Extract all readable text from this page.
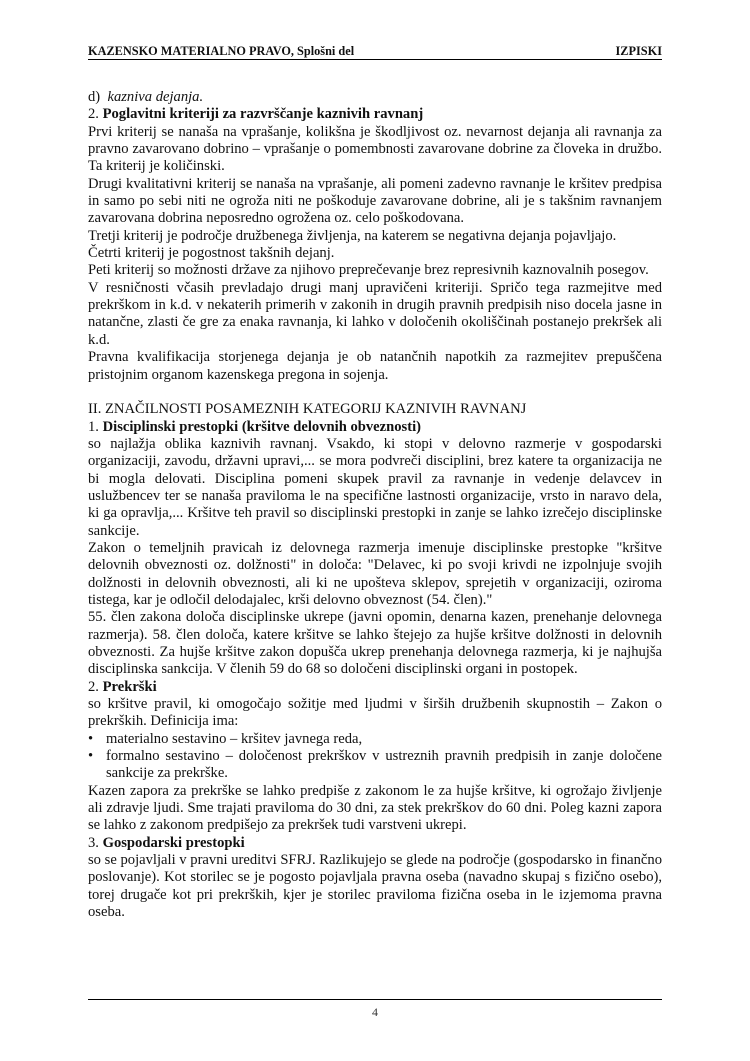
KAZENSKO MATERIALNO PRAVO, Splošni del	IZPISKI

d) kazniva dejanja.

2. Poglavitni kriteriji za razvrščanje kaznivih ravnanj

Prvi kriterij se nanaša na vprašanje, kolikšna je škodljivost oz. nevarnost dejanja ali ravnanja za pravno zavarovano dobrino – vprašanje o pomembnosti zavarovane dobrine za človeka in družbo. Ta kriterij je količinski.

Drugi kvalitativni kriterij se nanaša na vprašanje, ali pomeni zadevno ravnanje le kršitev predpisa in samo po sebi niti ne ogroža niti ne poškoduje zavarovane dobrine, ali je s takšnim ravnanjem zavarovana dobrina neposredno ogrožena oz. celo poškodovana.

Tretji kriterij je področje družbenega življenja, na katerem se negativna dejanja pojavljajo.

Četrti kriterij je pogostnost takšnih dejanj.

Peti kriterij so možnosti države za njihovo preprečevanje brez represivnih kaznovalnih posegov.

V resničnosti včasih prevladajo drugi manj upravičeni kriteriji. Spričo tega razmejitve med prekrškom in k.d. v nekaterih primerih v zakonih in drugih pravnih predpisih niso docela jasne in natančne, zlasti če gre za enaka ravnanja, ki lahko v določenih okoliščinah postanejo prekršek ali k.d.

Pravna kvalifikacija storjenega dejanja je ob natančnih napotkih za razmejitev prepuščena pristojnim organom kazenskega pregona in sojenja.

II. ZNAČILNOSTI POSAMEZNIH KATEGORIJ KAZNIVIH RAVNANJ

1. Disciplinski prestopki (kršitve delovnih obveznosti)

so najlažja oblika kaznivih ravnanj. Vsakdo, ki stopi v delovno razmerje v gospodarski organizaciji, zavodu, državni upravi,... se mora podvreči disciplini, brez katere ta organizacija ne bi mogla delovati. Disciplina pomeni skupek pravil za ravnanje in vedenje delavcev in uslužbencev ter se nanaša praviloma le na specifične lastnosti organizacije, vrsto in naravo dela, ki ga opravlja,... Kršitve teh pravil so disciplinski prestopki in zanje se lahko izrečejo disciplinske sankcije.

Zakon o temeljnih pravicah iz delovnega razmerja imenuje disciplinske prestopke "kršitve delovnih obveznosti oz. dolžnosti" in določa: "Delavec, ki po svoji krivdi ne izpolnjuje svojih dolžnosti in delovnih obveznosti, ali ki ne upošteva sklepov, sprejetih v organizaciji, oziroma tistega, kar je odločil delodajalec, krši delovno obveznost (54. člen)."

55. člen zakona določa disciplinske ukrepe (javni opomin, denarna kazen, prenehanje delovnega razmerja). 58. člen določa, katere kršitve se lahko štejejo za hujše kršitve dolžnosti in delovnih obveznosti. Za hujše kršitve zakon dopušča ukrep prenehanja delovnega razmerja, ki je najhujša disciplinska sankcija. V členih 59 do 68 so določeni disciplinski organi in postopek.

2. Prekrški

so kršitve pravil, ki omogočajo sožitje med ljudmi v širših družbenih skupnostih – Zakon o prekrških. Definicija ima:

• materialno sestavino – kršitev javnega reda,
• formalno sestavino – določenost prekrškov v ustreznih pravnih predpisih in zanje določene sankcije za prekrške.

Kazen zapora za prekrške se lahko predpiše z zakonom le za hujše kršitve, ki ogrožajo življenje ali zdravje ljudi. Sme trajati praviloma do 30 dni, za stek prekrškov do 60 dni. Poleg kazni zapora se lahko z zakonom predpišejo za prekršek tudi varstveni ukrepi.

3. Gospodarski prestopki

so se pojavljali v pravni ureditvi SFRJ. Razlikujejo se glede na področje (gospodarsko in finančno poslovanje). Kot storilec se je pogosto pojavljala pravna oseba (navadno skupaj s fizično osebo), torej drugače kot pri prekrških, kjer je storilec praviloma fizična oseba in le izjemoma pravna oseba.

4
